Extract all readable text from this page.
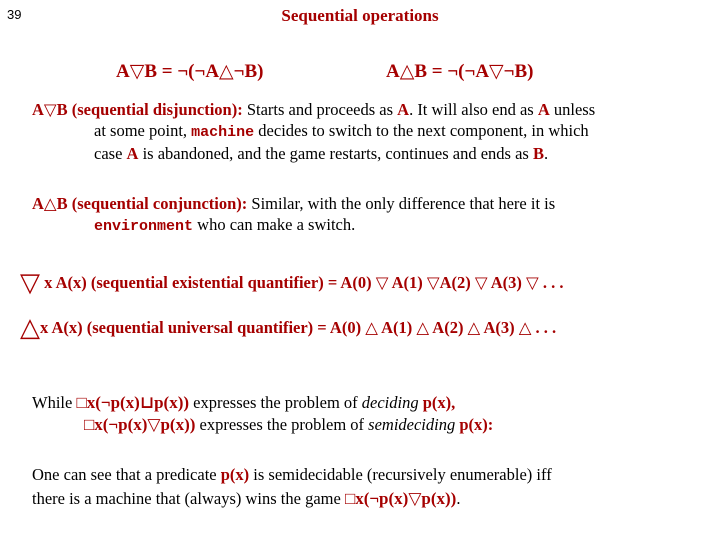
39	Sequential operations
A▽B = ¬(¬A△¬B)	A△B = ¬(¬A▽¬B)
A▽B (sequential disjunction): Starts and proceeds as A. It will also end as A unless
at some point, machine decides to switch to the next component, in which
case A is abandoned, and the game restarts, continues and ends as B.
A△B (sequential conjunction): Similar, with the only difference that here it is
environment who can make a switch.
▽ x A(x) (sequential existential quantifier) = A(0) ▽ A(1) ▽A(2) ▽ A(3) ▽ . . .
△x A(x) (sequential universal quantifier) = A(0) △ A(1) △ A(2) △ A(3) △ . . .
While □x(¬p(x)⊔p(x)) expresses the problem of deciding p(x),
□x(¬p(x)▽p(x)) expresses the problem of semideciding p(x):
One can see that a predicate p(x) is semidecidable (recursively enumerable) iff
there is a machine that (always) wins the game □x(¬p(x)▽p(x)).
